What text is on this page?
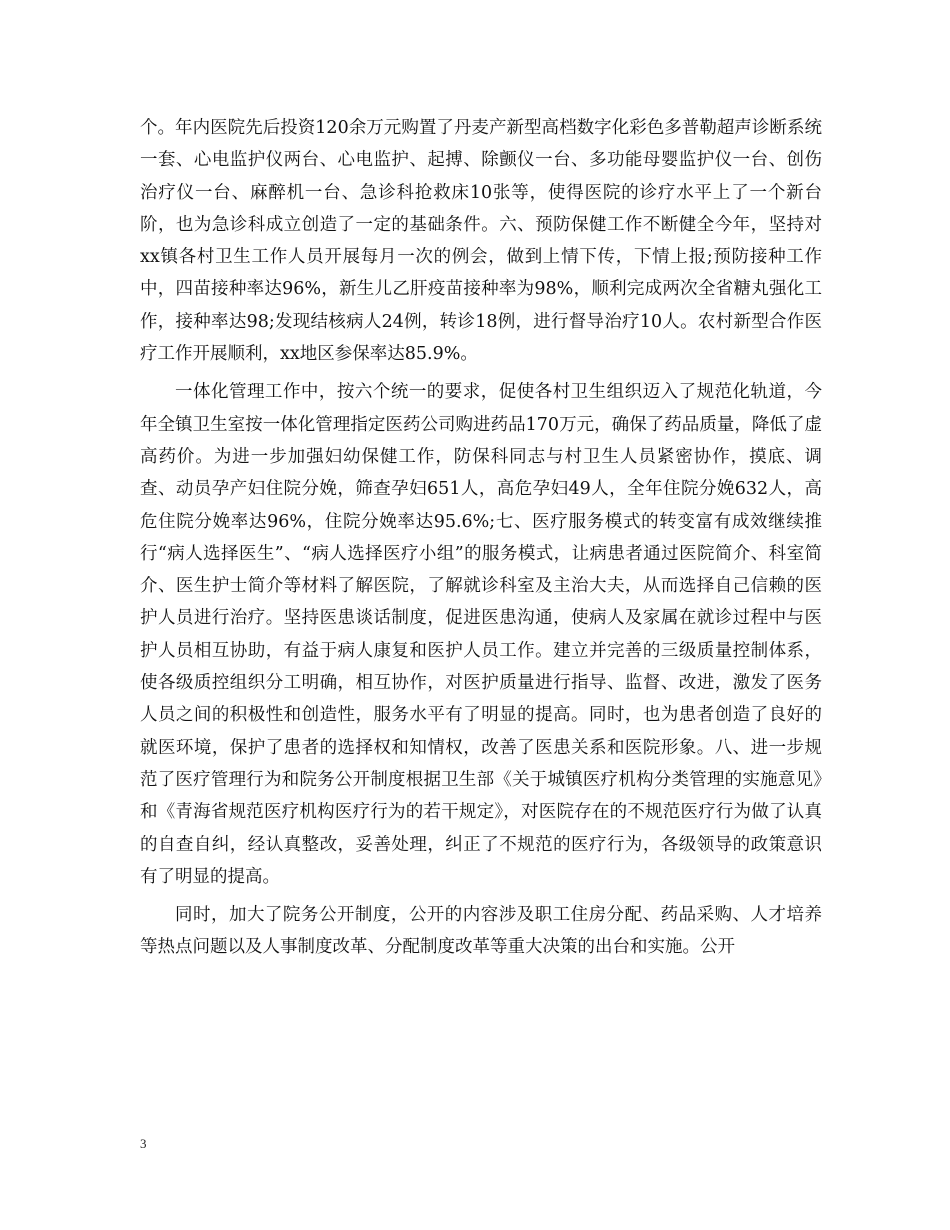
个。年内医院先后投资120余万元购置了丹麦产新型高档数字化彩色多普勒超声诊断系统一套、心电监护仪两台、心电监护、起搏、除颤仪一台、多功能母婴监护仪一台、创伤治疗仪一台、麻醉机一台、急诊科抢救床10张等，使得医院的诊疗水平上了一个新台阶，也为急诊科成立创造了一定的基础条件。六、预防保健工作不断健全今年，坚持对xx镇各村卫生工作人员开展每月一次的例会，做到上情下传，下情上报;预防接种工作中，四苗接种率达96%，新生儿乙肝疫苗接种率为98%，顺利完成两次全省糖丸强化工作，接种率达98;发现结核病人24例，转诊18例，进行督导治疗10人。农村新型合作医疗工作开展顺利，xx地区参保率达85.9%。

一体化管理工作中，按六个统一的要求，促使各村卫生组织迈入了规范化轨道，今年全镇卫生室按一体化管理指定医药公司购进药品170万元，确保了药品质量，降低了虚高药价。为进一步加强妇幼保健工作，防保科同志与村卫生人员紧密协作，摸底、调查、动员孕产妇住院分娩，筛查孕妇651人，高危孕妇49人，全年住院分娩632人，高危住院分娩率达96%，住院分娩率达95.6%;七、医疗服务模式的转变富有成效继续推行“病人选择医生”、“病人选择医疗小组”的服务模式，让病患者通过医院简介、科室简介、医生护士简介等材料了解医院，了解就诊科室及主治大夫，从而选择自己信赖的医护人员进行治疗。坚持医患谈话制度，促进医患沟通，使病人及家属在就诊过程中与医护人员相互协助，有益于病人康复和医护人员工作。建立并完善的三级质量控制体系，使各级质控组织分工明确，相互协作，对医护质量进行指导、监督、改进，激发了医务人员之间的积极性和创造性，服务水平有了明显的提高。同时，也为患者创造了良好的就医环境，保护了患者的选择权和知情权，改善了医患关系和医院形象。八、进一步规范了医疗管理行为和院务公开制度根据卫生部《关于城镇医疗机构分类管理的实施意见》和《青海省规范医疗机构医疗行为的若干规定》，对医院存在的不规范医疗行为做了认真的自查自纠，经认真整改，妥善处理，纠正了不规范的医疗行为，各级领导的政策意识有了明显的提高。

同时，加大了院务公开制度，公开的内容涉及职工住房分配、药品采购、人才培养等热点问题以及人事制度改革、分配制度改革等重大决策的出台和实施。公开

3
